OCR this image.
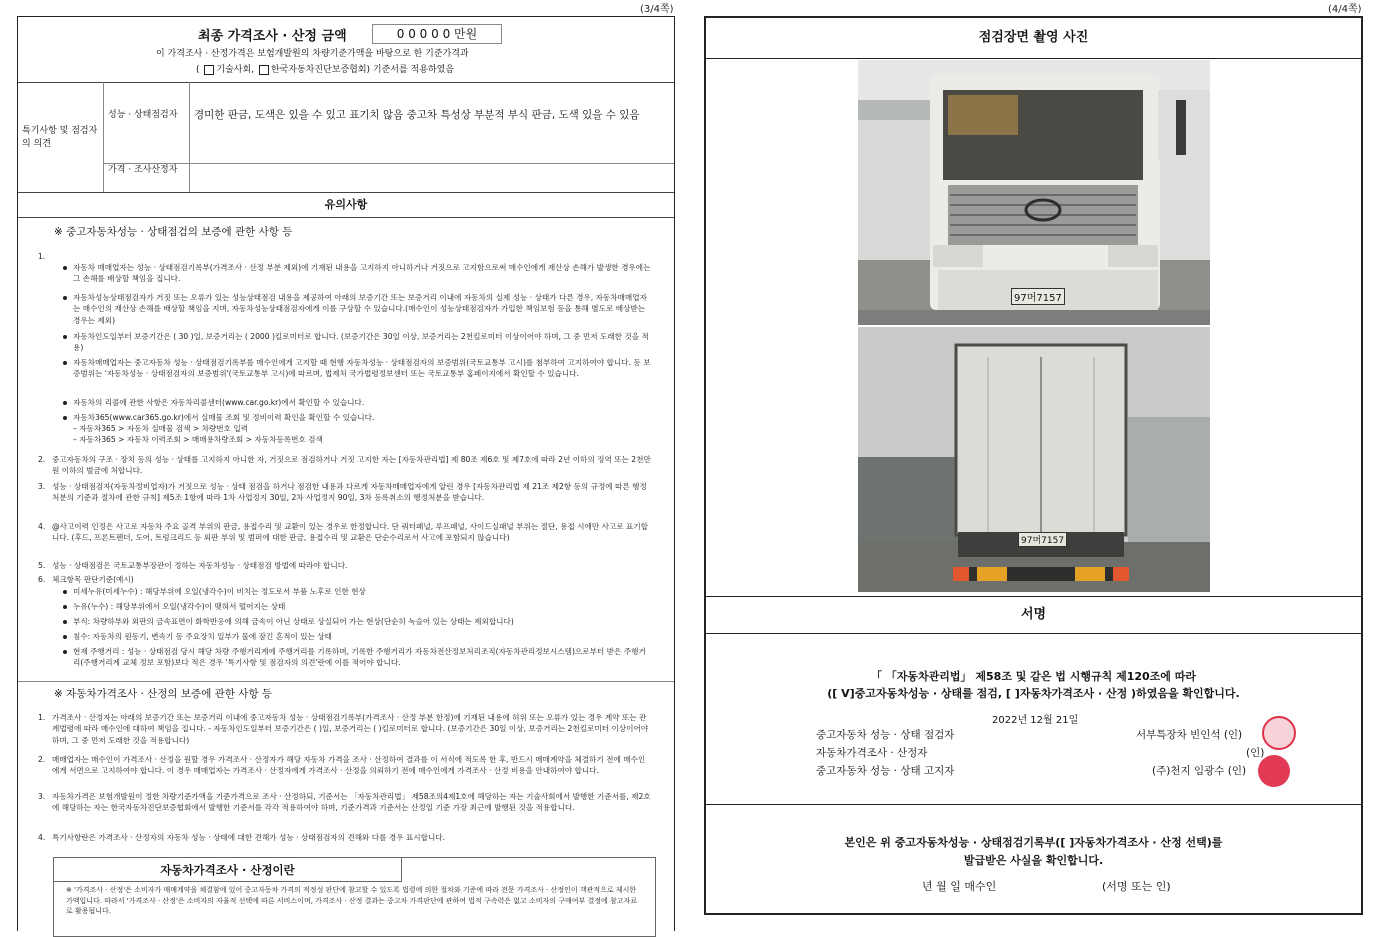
(3/4쪽)	(4/4쪽)
최종 가격조사 · 산정 금액	0 0 0 0 0 만원
이 가격조사 · 산정가격은 보험개발원의 차량기준가액을 바탕으로 한 기준가격과
( 기술사회, 한국자동차진단보증협회) 기준서를 적용하였음
특기사항 및 점검자의 의견
성능 · 상태점검자	경미한 판금, 도색은 있을 수 있고 표기치 않음 중고차 특성상 부분적 부식 판금, 도색 있을 수 있음
가격 · 조사산정자
유의사항
※ 중고자동차성능 · 상태점검의 보증에 관한 사항 등
1.
자동차 매매업자는 성능 · 상태점검기록부(가격조사 · 산정 부분 제외)에 기재된 내용을 고지하지 아니하거나 거짓으로 고지함으로써 매수인에게 재산상 손해가 발생한 경우에는 그 손해를 배상할 책임을 집니다.
자동차성능상태점검자가 거짓 또는 오류가 있는 성능상태점검 내용을 제공하여 아래의 보증기간 또는 보증거리 이내에 자동차의 실제 성능 · 상태가 다른 경우, 자동차매매업자는 매수인의 재산상 손해를 배상할 책임을 지며, 자동차성능상태점검자에게 이를 구상할 수 있습니다.(매수인이 성능상태점검자가 가입한 책임보험 등을 통해 별도로 배상받는 경우는 제외)
자동차인도일부터 보증기간은 ( 30 )일, 보증거리는 ( 2000 )킬로미터로 합니다. (보증기간은 30일 이상, 보증거리는 2천킬로미터 이상이어야 하며, 그 중 먼저 도래한 것을 적용)
자동차매매업자는 중고자동차 성능 · 상태점검기록부를 매수인에게 고지할 때 현행 자동차성능 · 상태점검자의 보증범위(국토교통부 고시)를 첨부하여 고지하여야 합니다. 등 보증범위는 '자동차성능 · 상태점검자의 보증범위'(국토교통부 고시)에 따르며, 법제처 국가법령정보센터 또는 국토교통부 홈페이지에서 확인할 수 있습니다.
자동차의 리콜에 관한 사항은 자동차리콜센터(www.car.go.kr)에서 확인할 수 있습니다.
자동차365(www.car365.go.kr)에서 실매물 조회 및 정비이력 확인을 확인할 수 있습니다.
– 자동차365 > 자동차 실매물 검색 > 차량번호 입력
– 자동차365 > 자동차 이력조회 > 매매용차량조회 > 자동차등록번호 검색
2. 중고자동차의 구조 · 장치 등의 성능 · 상태를 고지하지 아니한 자, 거짓으로 점검하거나 거짓 고지한 자는 [자동차관리법] 제 80조 제6호 및 제7호에 따라 2년 이하의 징역 또는 2천만원 이하의 벌금에 처합니다.
3. 성능 · 상태점검자(자동차정비업자)가 거짓으로 성능 · 상태 점검을 하거나 점검한 내용과 다르게 자동차매매업자에게 알린 경우 [자동차관리법 제 21조 제2항 등의 규정에 따른 행정처분의 기준과 절차에 관한 규칙] 제5조 1항에 따라 1차 사업정지 30일, 2차 사업정지 90일, 3차 등록취소의 행정처분을 받습니다.
4. @사고이력 인정은 사고로 자동차 주요 골격 부위의 판금, 용접수리 및 교환이 있는 경우로 한정합니다. 단 쿼터패널, 루프패널, 사이드실패널 부위는 절단, 용접 시에만 사고로 표기합니다. (후드, 프론트펜더, 도어, 트렁크리드 등 외판 부위 및 범퍼에 대한 판금, 용접수리 및 교환은 단순수리로서 사고에 포함되지 않습니다)
5. 성능 · 상태점검은 국토교통부장관이 정하는 자동차성능 · 상태점검 방법에 따라야 합니다.
6. 체크항목 판단기준(예시)
미세누유(미세누수) : 해당부위에 오일(냉각수)이 비치는 정도로서 부품 노후로 인한 현상
누유(누수) : 해당부위에서 오일(냉각수)이 맺혀서 떨어지는 상태
부식: 차량하부와 외판의 금속표면이 화학반응에 의해 금속이 아닌 상태로 상실되어 가는 현상(단순히 녹슬어 있는 상태는 제외합니다)
침수: 자동차의 원동기, 변속기 등 주요장치 일부가 물에 잠긴 흔적이 있는 상태
현재 주행거리 : 성능 · 상태점검 당시 해당 차량 주행거리계에 주행거리를 기록하며, 기록한 주행거리가 자동차전산정보처리조직(자동차관리정보시스템)으로부터 받은 주행거리(주행거리계 교체 정보 포함)보다 적은 경우 '특기사항 및 점검자의 의견'란에 이를 적어야 합니다.
※ 자동차가격조사 · 산정의 보증에 관한 사항 등
1. 가격조사 · 산정자는 아래의 보증기간 또는 보증거리 이내에 중고자동차 성능 · 상태점검기록부(가격조사 · 산정 부분 한정)에 기재된 내용에 허위 또는 오류가 있는 경우 계약 또는 관계법령에 따라 매수인에 대하여 책임을 집니다. - 자동차인도일부터 보증기간은 ( )일, 보증거리는 ( )킬로미터로 합니다. (보증기간은 30일 이상, 보증거리는 2천킬로미터 이상이어야 하며, 그 중 먼저 도래한 것을 적용합니다)
2. 매매업자는 매수인이 가격조사 · 산정을 원할 경우 가격조사 · 산정자가 해당 자동차 가격을 조사 · 산정하여 결과를 이 서식에 적도록 한 후, 반드시 매매계약을 체결하기 전에 매수인에게 서면으로 고지하여야 합니다. 이 경우 매매업자는 가격조사 · 산정자에게 가격조사 · 산정을 의뢰하기 전에 매수인에게 가격조사 · 산정 비용을 안내하여야 합니다.
3. 자동차가격은 보험개발원이 정한 차량기준가액을 기준가격으로 조사 · 산정하되, 기준서는 「자동차관리법」 제58조의4제1호에 해당하는 자는 기술사회에서 발행한 기준서를, 제2호에 해당하는 자는 한국자동차진단보증협회에서 발행한 기준서를 각각 적용하여야 하며, 기준가격과 기준서는 산정일 기준 가장 최근에 발행된 것을 적용합니다.
4. 특기사항란은 가격조사 · 산정자의 자동차 성능 · 상태에 대한 견해가 성능 · 상태점검자의 견해와 다를 경우 표시합니다.
자동차가격조사 · 산정이란
※ '가격조사 · 산정'은 소비자가 매매계약을 체결함에 있어 중고자동차 가격의 적정성 판단에 참고할 수 있도록 법령에 의한 절차와 기준에 따라 전문 가격조사 · 산정인이 객관적으로 제시한 가액입니다. 따라서 '가격조사 · 산정'은 소비자의 자율적 선택에 따른 서비스이며, 가격조사 · 산정 결과는 중고차 가격판단에 관하여 법적 구속력은 없고 소비자의 구매여부 결정에 참고자료로 활용됩니다.
점검장면 촬영 사진
97머7157
97머7157
서명
「 「자동차관리법」 제58조 및 같은 법 시행규칙 제120조에 따라
([ V]중고자동차성능 · 상태를 점검, [ ]자동차가격조사 · 산정 )하였음을 확인합니다.
2022년 12월 21일
중고자동차 성능 · 상태 점검자	서부특장차 빈인석 (인)
자동차가격조사 · 산정자	(인)
중고자동차 성능 · 상태 고지자	(주)천지 임광수 (인)
본인은 위 중고자동차성능 · 상태점검기록부([ ]자동차가격조사 · 산정 선택)를
발급받은 사실을 확인합니다.
년 월 일 매수인	(서명 또는 인)
